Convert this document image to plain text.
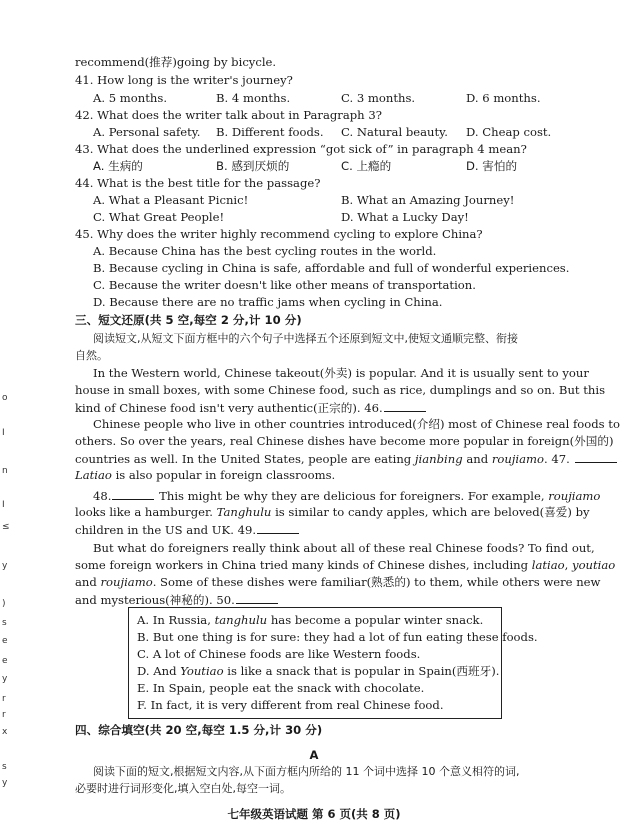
o
I
n
I
≤
y
)
s
e
e
y
r
r
x
s
y
recommend(推荐)going by bicycle.
41. How long is the writer's journey?
A. 5 months.	B. 4 months.	C. 3 months.	D. 6 months.
42. What does the writer talk about in Paragraph 3?
A. Personal safety. B. Different foods. C. Natural beauty. D. Cheap cost.
43. What does the underlined expression “got sick of” in paragraph 4 mean?
A. 生病的	B. 感到厌烦的	C. 上瘾的	D. 害怕的
44. What is the best title for the passage?
A. What a Pleasant Picnic!	B. What an Amazing Journey!
C. What Great People!	D. What a Lucky Day!
45. Why does the writer highly recommend cycling to explore China?
A. Because China has the best cycling routes in the world.
B. Because cycling in China is safe, affordable and full of wonderful experiences.
C. Because the writer doesn't like other means of transportation.
D. Because there are no traffic jams when cycling in China.
三、短文还原(共 5 空,每空 2 分,计 10 分)
阅读短文,从短文下面方框中的六个句子中选择五个还原到短文中,使短文通顺完整、衔接
自然。
In the Western world, Chinese takeout(外卖) is popular. And it is usually sent to your
house in small boxes, with some Chinese food, such as rice, dumplings and so on. But this
kind of Chinese food isn't very authentic(正宗的). 46.
Chinese people who live in other countries introduced(介绍) most of Chinese real foods to
others. So over the years, real Chinese dishes have become more popular in foreign(外国的)
countries as well. In the United States, people are eating jianbing and roujiamo. 47.
Latiao is also popular in foreign classrooms.
48.	This might be why they are delicious for foreigners. For example, roujiamo
looks like a hamburger. Tanghulu is similar to candy apples, which are beloved(喜爱) by
children in the US and UK. 49.
But what do foreigners really think about all of these real Chinese foods? To find out,
some foreign workers in China tried many kinds of Chinese dishes, including latiao, youtiao
and roujiamo. Some of these dishes were familiar(熟悉的) to them, while others were new
and mysterious(神秘的). 50.
A. In Russia, tanghulu has become a popular winter snack.
B. But one thing is for sure: they had a lot of fun eating these foods.
C. A lot of Chinese foods are like Western foods.
D. And Youtiao is like a snack that is popular in Spain(西班牙).
E. In Spain, people eat the snack with chocolate.
F. In fact, it is very different from real Chinese food.
四、综合填空(共 20 空,每空 1.5 分,计 30 分)
A
阅读下面的短文,根据短文内容,从下面方框内所给的 11 个词中选择 10 个意义相符的词,
必要时进行词形变化,填入空白处,每空一词。
七年级英语试题 第 6 页(共 8 页)
